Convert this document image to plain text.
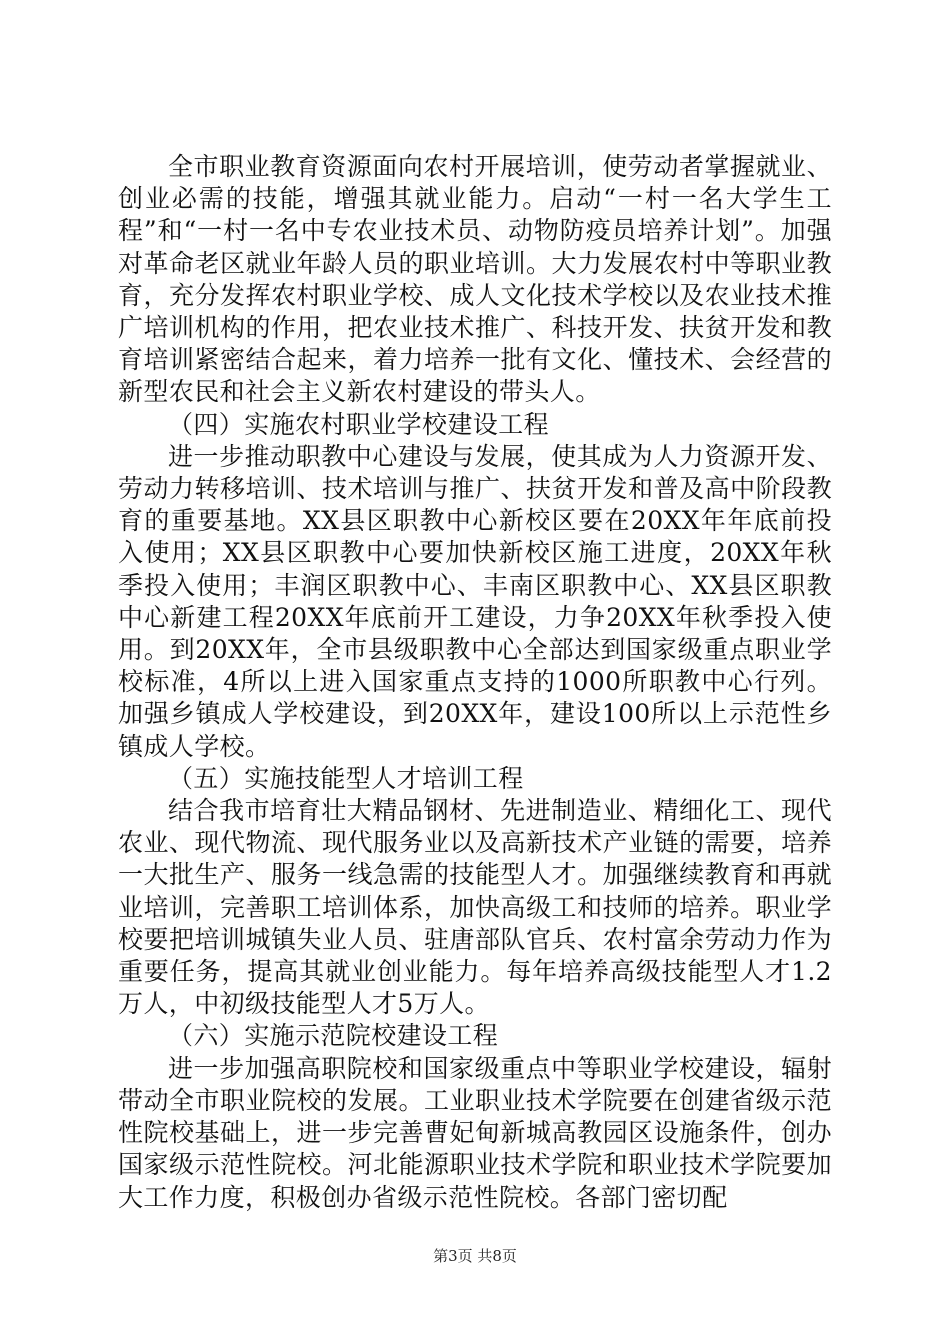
全市职业教育资源面向农村开展培训，使劳动者掌握就业、创业必需的技能，增强其就业能力。启动“一村一名大学生工程”和“一村一名中专农业技术员、动物防疫员培养计划”。加强对革命老区就业年龄人员的职业培训。大力发展农村中等职业教育，充分发挥农村职业学校、成人文化技术学校以及农业技术推广培训机构的作用，把农业技术推广、科技开发、扶贫开发和教育培训紧密结合起来，着力培养一批有文化、懂技术、会经营的新型农民和社会主义新农村建设的带头人。

（四）实施农村职业学校建设工程

进一步推动职教中心建设与发展，使其成为人力资源开发、劳动力转移培训、技术培训与推广、扶贫开发和普及高中阶段教育的重要基地。XX县区职教中心新校区要在20XX年年底前投入使用；XX县区职教中心要加快新校区施工进度，20XX年秋季投入使用；丰润区职教中心、丰南区职教中心、XX县区职教中心新建工程20XX年底前开工建设，力争20XX年秋季投入使用。到20XX年，全市县级职教中心全部达到国家级重点职业学校标准，4所以上进入国家重点支持的1000所职教中心行列。加强乡镇成人学校建设，到20XX年，建设100所以上示范性乡镇成人学校。

（五）实施技能型人才培训工程

结合我市培育壮大精品钢材、先进制造业、精细化工、现代农业、现代物流、现代服务业以及高新技术产业链的需要，培养一大批生产、服务一线急需的技能型人才。加强继续教育和再就业培训，完善职工培训体系，加快高级工和技师的培养。职业学校要把培训城镇失业人员、驻唐部队官兵、农村富余劳动力作为重要任务，提高其就业创业能力。每年培养高级技能型人才1.2万人，中初级技能型人才5万人。

（六）实施示范院校建设工程

进一步加强高职院校和国家级重点中等职业学校建设，辐射带动全市职业院校的发展。工业职业技术学院要在创建省级示范性院校基础上，进一步完善曹妃甸新城高教园区设施条件，创办国家级示范性院校。河北能源职业技术学院和职业技术学院要加大工作力度，积极创办省级示范性院校。各部门密切配

第3页 共8页
